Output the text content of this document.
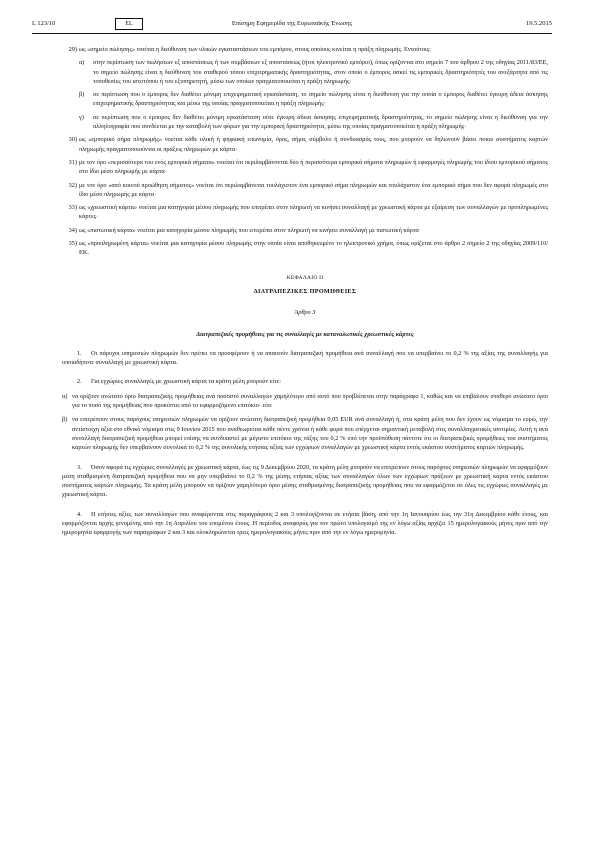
L 123/10	EL	Επίσημη Εφημερίδα της Ευρωπαϊκής Ένωσης	19.5.2015
29) ως «σημείο πώλησης» νοείται η διεύθυνση των υλικών εγκαταστάσεων του εμπόρου, στους οποίους κινείται η πράξη πληρωμής. Εντούτοις:
α) στην περίπτωση των πωλήσεων εξ αποστάσεως ή των συμβάσεων εξ αποστάσεως (ήτοι ηλεκτρονικό εμπόριο), όπως ορίζονται στο σημείο 7 του άρθρου 2 της οδηγίας 2011/83/ΕΕ, το σημείο πώλησης είναι η διεύθυνση του σταθερού τόπου επιχειρηματικής δραστηριότητας, στον οποίο ο έμπορος ασκεί τις εμπορικές δραστηριότητές του ανεξάρτητα από τις τοποθεσίες του ιστοτόπου ή του εξυπηρετητή, μέσω των οποίων πραγματοποιείται η πράξη πληρωμής·
β) σε περίπτωση που ο έμπορος δεν διαθέτει μόνιμη επιχειρηματική εγκατάσταση, το σημείο πώλησης είναι η διεύθυνση για την οποία ο έμπορος διαθέτει έγκυρη άδεια άσκησης επιχειρηματικής δραστηριότητας και μέσω της οποίας πραγματοποιείται η πράξη πληρωμής·
γ) σε περίπτωση που ο έμπορος δεν διαθέτει μόνιμη εγκατάσταση ούτε έγκυρη άδεια άσκησης επιχειρηματικής δραστηριότητας, το σημείο πώλησης είναι η διεύθυνση για την αλληλογραφία που συνδέεται με την καταβολή των φόρων για την εμπορική δραστηριότητα, μέσω της οποίας πραγματοποιείται η πράξη πληρωμής·
30) ως «εμπορικό σήμα πληρωμής» νοείται κάθε υλική ή ψηφιακή επωνυμία, όρος, σήμα, σύμβολο ή συνδυασμός τους, που μπορούν να δηλώνουν βάσει ποιου συστήματος καρτών πληρωμής πραγματοποιούνται οι πράξεις πληρωμών με κάρτα·
31) με τον όρο «περισσότερα του ενός εμπορικά σήματα» νοείται ότι περιλαμβάνονται δύο ή περισσότερα εμπορικά σήματα πληρωμών ή εφαρμογές πληρωμής του ίδιου εμπορικού σήματος στο ίδιο μέσο πληρωμής με κάρτα·
32) με τον όρο «από κοινού προώθηση σήματος» νοείται ότι περιλαμβάνεται τουλάχιστον ένα εμπορικό σήμα πληρωμών και τουλάχιστον ένα εμπορικό σήμα που δεν αφορά πληρωμές στο ίδιο μέσο πληρωμής με κάρτα·
33) ως «χρεωστική κάρτα» νοείται μια κατηγορία μέσου πληρωμής που επιτρέπει στον πληρωτή να κινήσει συναλλαγή με χρεωστική κάρτα με εξαίρεση των συναλλαγών με προπληρωμένες κάρτες·
34) ως «πιστωτική κάρτα» νοείται μια κατηγορία μέσου πληρωμής που επιτρέπει στον πληρωτή να κινήσει συναλλαγή με πιστωτική κάρτα·
35) ως «προπληρωμένη κάρτα» νοείται μια κατηγορία μέσου πληρωμής στην οποία είναι αποθηκευμένο το ηλεκτρονικό χρήμα, όπως ορίζεται στο άρθρο 2 σημείο 2 της οδηγίας 2009/110/ΕΚ.
ΚΕΦΑΛΑΙΟ II
ΔΙΑΤΡΑΠΕΖΙΚΕΣ ΠΡΟΜΗΘΕΙΕΣ
Άρθρο 3
Διατραπεζικές προμήθειες για τις συναλλαγές με καταναλωτικές χρεωστικές κάρτες
1. Οι πάροχοι υπηρεσιών πληρωμών δεν πρέπει να προσφέρουν ή να απαιτούν διατραπεζική προμήθεια ανά συναλλαγή που να υπερβαίνει το 0,2 % της αξίας της συναλλαγής για οποιαδήποτε συναλλαγή με χρεωστική κάρτα.
2. Για εγχώριες συναλλαγές με χρεωστική κάρτα τα κράτη μέλη μπορούν είτε:
α) να ορίζουν ανώτατο όριο διατραπεζικής προμήθειας ανά ποσοστό συναλλαγών χαμηλότερο από αυτό που προβλέπεται στην παράγραφο 1, καθώς και να επιβάλουν σταθερό ανώτατο όριο για το ποσό της προμήθειας που προκύπτει από το εφαρμοζόμενο επιτόκιο· είτε
β) να επιτρέπουν στους παρόχους υπηρεσιών πληρωμών να ορίζουν ανώτατη διατραπεζική προμήθεια 0,05 EUR ανά συναλλαγή ή, στα κράτη μέλη που δεν έχουν ως νόμισμα το ευρώ, την αντίστοιχη αξία στο εθνικό νόμισμα στις 9 Ιουνίου 2015 που αναθεωρείται κάθε πέντε χρόνια ή κάθε φορά που επέρχεται σημαντική μεταβολή στις συναλλαγματικές ισοτιμίες. Αυτή η ανά συναλλαγή διατραπεζική προμήθεια μπορεί επίσης να συνδυαστεί με μέγιστο επιτόκιο της τάξης του 0,2 % υπό την προϋπόθεση πάντοτε ότι οι διατραπεζικές προμήθειες του συστήματος καρτών πληρωμής δεν υπερβαίνουν συνολικά το 0,2 % της συνολικής ετήσιας αξίας των εγχώριων συναλλαγών με χρεωστική κάρτα εντός εκάστου συστήματος καρτών πληρωμής.
3. Όσον αφορά τις εγχώριες συναλλαγές με χρεωστική κάρτα, έως τις 9 Δεκεμβρίου 2020, τα κράτη μέλη μπορούν να επιτρέπουν στους παρόχους υπηρεσιών πληρωμών να εφαρμόζουν μέση σταθμισμένη διατραπεζική προμήθεια που να μην υπερβαίνει το 0,2 % της μέσης ετήσιας αξίας των συναλλαγών όλων των εγχώριων πράξεων με χρεωστική κάρτα εντός εκάστου συστήματος καρτών πληρωμής. Τα κράτη μέλη μπορούν να ορίζουν χαμηλότερο όριο μέσης σταθμισμένης διατραπεζικής προμήθειας που να εφαρμόζεται σε όλες τις εγχώριες συναλλαγές με χρεωστική κάρτα.
4. Η ετήσιες αξίες των συναλλαγών που αναφέρονται στις παραγράφους 2 και 3 υπολογίζονται σε ετήσια βάση, από την 1η Ιανουαρίου έως την 31η Δεκεμβρίου κάθε έτους, και εφαρμόζονται αρχής γενομένης από την 1η Απριλίου του επομένου έτους. Η περίοδος αναφοράς για τον πρώτο υπολογισμό της εν λόγω αξίας αρχίζει 15 ημερολογιακούς μήνες πριν από την ημερομηνία εφαρμογής των παραγράφων 2 και 3 και ολοκληρώνεται τρεις ημερολογιακούς μήνες πριν από την εν λόγω ημερομηνία.
